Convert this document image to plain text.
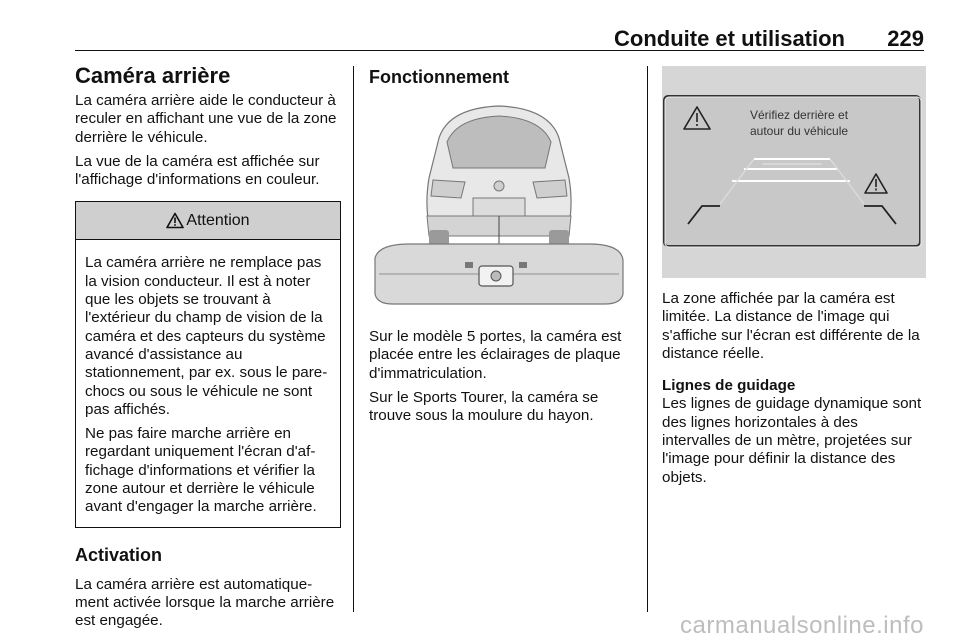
Conduite et utilisation 229
Caméra arrière

La caméra arrière aide le conducteur à reculer en affichant une vue de la zone derrière le véhicule.

La vue de la caméra est affichée sur l'affichage d'informations en couleur.

Attention

La caméra arrière ne remplace pas la vision conducteur. Il est à noter que les objets se trouvant à l'extérieur du champ de vision de la caméra et des capteurs du système avancé d'assistance au stationnement, par ex. sous le pare-chocs ou sous le véhicule ne sont pas affichés.

Ne pas faire marche arrière en regardant uniquement l'écran d'af-fichage d'informations et vérifier la zone autour et derrière le véhicule avant d'engager la marche arrière.

Activation

La caméra arrière est automatique-ment activée lorsque la marche arrière est engagée.

Fonctionnement

Sur le modèle 5 portes, la caméra est placée entre les éclairages de plaque d'immatriculation.

Sur le Sports Tourer, la caméra se trouve sous la moulure du hayon.

Vérifiez derrière et
autour du véhicule

La zone affichée par la caméra est limitée. La distance de l'image qui s'affiche sur l'écran est différente de la distance réelle.

Lignes de guidage

Les lignes de guidage dynamique sont des lignes horizontales à des intervalles de un mètre, projetées sur l'image pour définir la distance des objets.

carmanualsonline.info
